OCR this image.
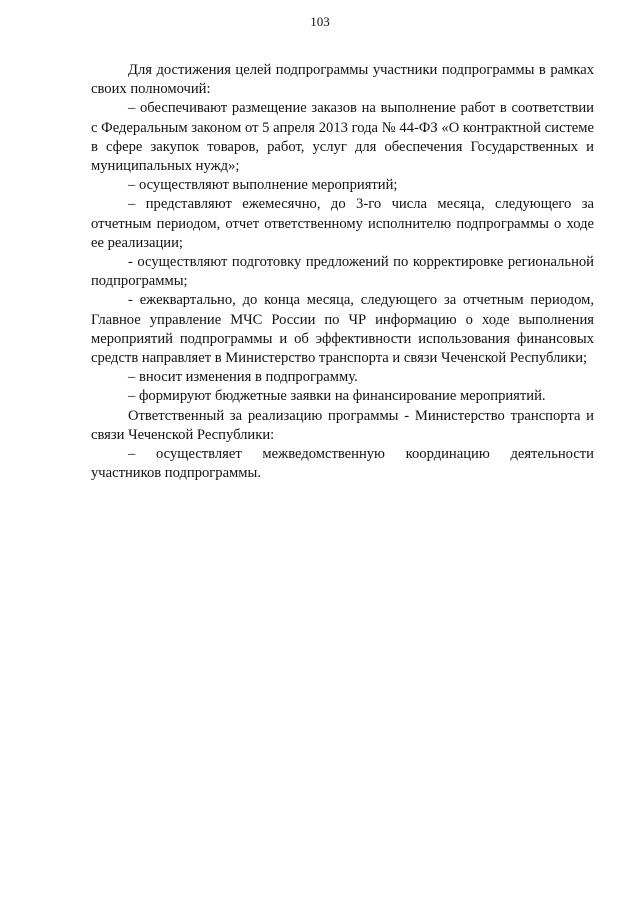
103

Для достижения целей подпрограммы участники подпрограммы в рамках своих полномочий:

– обеспечивают размещение заказов на выполнение работ в соответствии с Федеральным законом от 5 апреля 2013 года № 44-ФЗ «О контрактной системе в сфере закупок товаров, работ, услуг для обеспечения Государственных и муниципальных нужд»;

– осуществляют выполнение мероприятий;

– представляют ежемесячно, до 3-го числа месяца, следующего за отчетным периодом, отчет ответственному исполнителю подпрограммы о ходе ее реализации;

- осуществляют подготовку предложений по корректировке региональной подпрограммы;

- ежеквартально, до конца месяца, следующего за отчетным периодом, Главное управление МЧС России по ЧР информацию о ходе выполнения мероприятий подпрограммы и об эффективности использования финансовых средств направляет в Министерство транспорта и связи Чеченской Республики;

– вносит изменения в подпрограмму.

– формируют бюджетные заявки на финансирование мероприятий.

Ответственный за реализацию программы - Министерство транспорта и связи Чеченской Республики:

– осуществляет межведомственную координацию деятельности участников подпрограммы.
